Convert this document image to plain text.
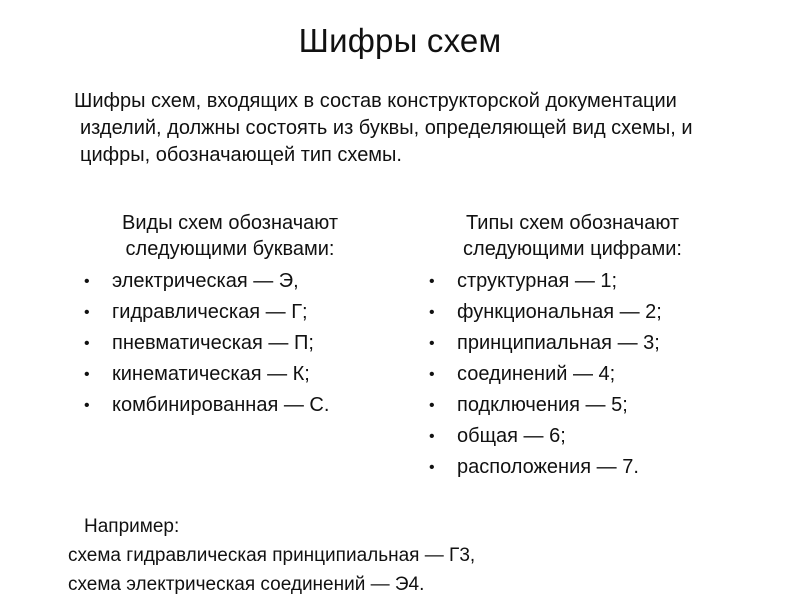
Шифры схем
Шифры схем, входящих в состав конструкторской документации
изделий, должны состоять из буквы, определяющей вид схемы, и
цифры, обозначающей тип схемы.
Виды схем обозначают
следующими буквами:
• электрическая — Э,
• гидравлическая — Г;
• пневматическая — П;
• кинематическая — К;
• комбинированная — С.
Типы схем обозначают
следующими цифрами:
• структурная — 1;
• функциональная — 2;
• принципиальная — 3;
• соединений — 4;
• подключения — 5;
• общая — 6;
• расположения — 7.
Например:
схема гидравлическая принципиальная — Г3,
схема электрическая соединений — Э4.
